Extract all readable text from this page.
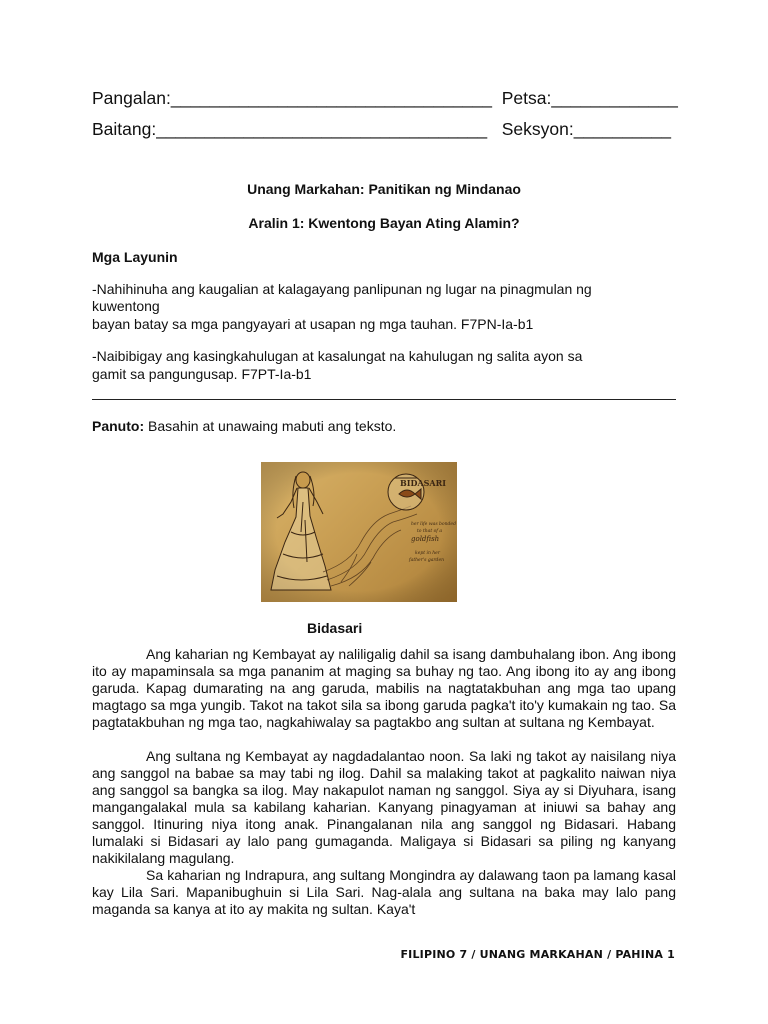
Pangalan:_________________________________  Petsa:_____________
Baitang:__________________________________   Seksyon:__________
Unang Markahan: Panitikan ng Mindanao
Aralin 1: Kwentong Bayan Ating Alamin?
Mga Layunin
-Nahihinuha ang kaugalian at kalagayang panlipunan ng lugar na pinagmulan ng
kuwentong
bayan batay sa mga pangyayari at usapan ng mga tauhan. F7PN-Ia-b1
-Naibibigay ang kasingkahulugan at kasalungat na kahulugan ng salita ayon sa
gamit sa pangungusap. F7PT-Ia-b1
Panuto: Basahin at unawaing mabuti ang teksto.
BIDASARI
her life was bonded
to that of a
goldfish
kept in her
father's garden
Bidasari
Ang kaharian ng Kembayat ay naliligalig dahil sa isang dambuhalang ibon. Ang ibong ito ay mapaminsala sa mga pananim at maging sa buhay ng tao. Ang ibong ito ay ang ibong garuda. Kapag dumarating na ang garuda, mabilis na nagtatakbuhan ang mga tao upang magtago sa mga yungib. Takot na takot sila sa ibong garuda pagka't ito'y kumakain ng tao. Sa pagtatakbuhan ng mga tao, nagkahiwalay sa pagtakbo ang sultan at sultana ng Kembayat.
Ang sultana ng Kembayat ay nagdadalantao noon. Sa laki ng takot ay naisilang niya ang sanggol na babae sa may tabi ng ilog. Dahil sa malaking takot at pagkalito naiwan niya ang sanggol sa bangka sa ilog. May nakapulot naman ng sanggol. Siya ay si Diyuhara, isang mangangalakal mula sa kabilang kaharian. Kanyang pinagyaman at iniuwi sa bahay ang sanggol. Itinuring niya itong anak. Pinangalanan nila ang sanggol ng Bidasari. Habang lumalaki si Bidasari ay lalo pang gumaganda. Maligaya si Bidasari sa piling ng kanyang nakikilalang magulang.
Sa kaharian ng Indrapura, ang sultang Mongindra ay dalawang taon pa lamang kasal kay Lila Sari. Mapanibughuin si Lila Sari. Nag-alala ang sultana na baka may lalo pang maganda sa kanya at ito ay makita ng sultan. Kaya't
FILIPINO 7 / UNANG MARKAHAN / PAHINA 1
